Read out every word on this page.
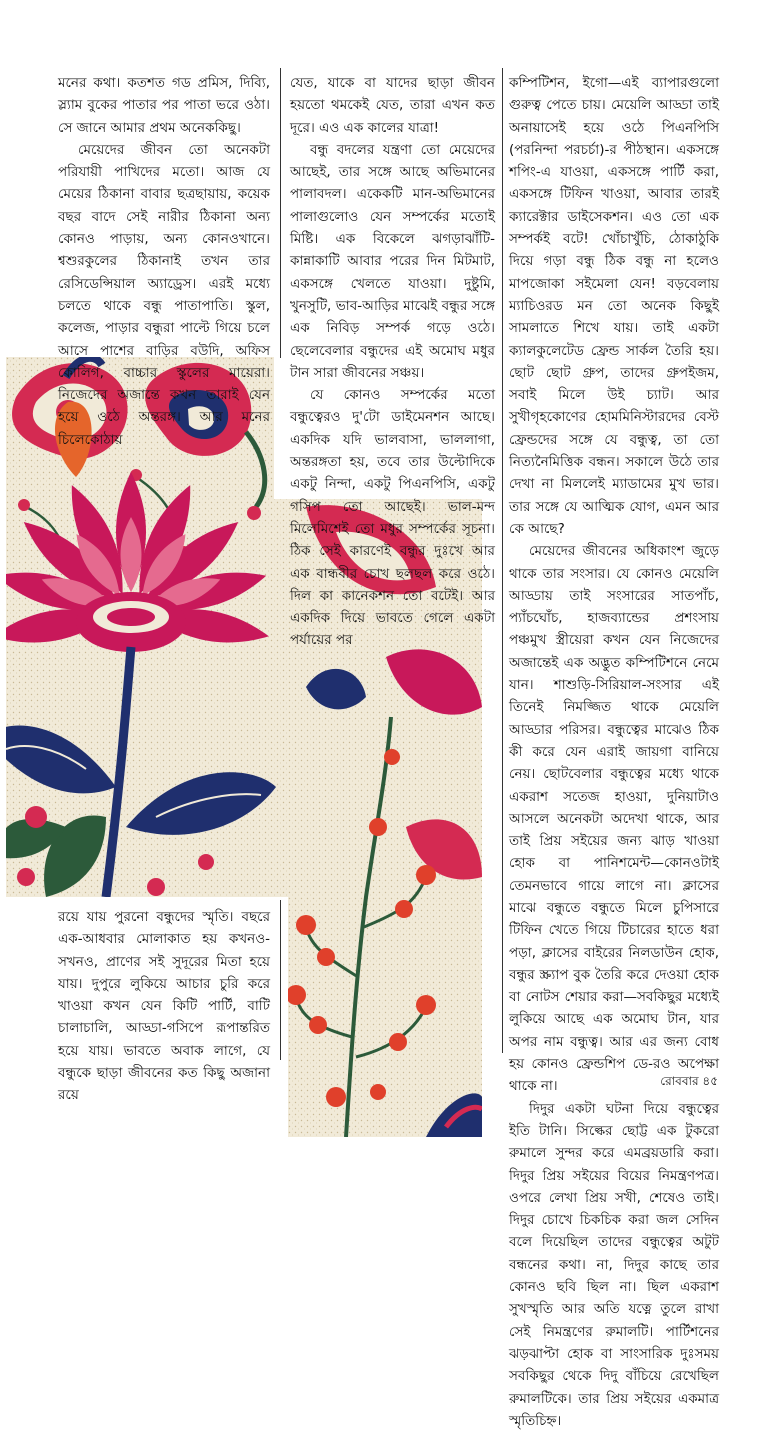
মনের কথা। কতশত গড প্রমিস, দিব্যি, স্ল্যাম বুকের পাতার পর পাতা ভরে ওঠা। সে জানে আমার প্রথম অনেককিছু।

মেয়েদের জীবন তো অনেকটা পরিযায়ী পাখিদের মতো। আজ যে মেয়ের ঠিকানা বাবার ছত্রছায়ায়, কয়েক বছর বাদে সেই নারীর ঠিকানা অন্য কোনও পাড়ায়, অন্য কোনওখানে। শ্বশুরকুলের ঠিকানাই তখন তার রেসিডেন্সিয়াল অ্যাড্রেস। এরই মধ্যে চলতে থাকে বন্ধু পাতাপাতি। স্কুল, কলেজ, পাড়ার বন্ধুরা পাল্টে গিয়ে চলে আসে পাশের বাড়ির বউদি, অফিস কোলিগ, বাচ্চার স্কুলের মায়েরা। নিজেদের অজান্তে কখন তারাই যেন হয়ে ওঠে অন্তরঙ্গ। আর মনের চিলেকোঠায়

যেত, যাকে বা যাদের ছাড়া জীবন হয়তো থমকেই যেত, তারা এখন কত দূরে। এও এক কালের যাত্রা!

বন্ধু বদলের যন্ত্রণা তো মেয়েদের আছেই, তার সঙ্গে আছে অভিমানের পালাবদল। একেকটি মান-অভিমানের পালাগুলোও যেন সম্পর্কের মতোই মিষ্টি। এক বিকেলে ঝগড়াঝাঁটি-কান্নাকাটি আবার পরের দিন মিটমাট, একসঙ্গে খেলতে যাওয়া। দুষ্টুমি, খুনসুটি, ভাব-আড়ির মাঝেই বন্ধুর সঙ্গে এক নিবিড় সম্পর্ক গড়ে ওঠে। ছেলেবেলার বন্ধুদের এই অমোঘ মধুর টান সারা জীবনের সঞ্চয়।

যে কোনও সম্পর্কের মতো বন্ধুত্বেরও দু'টো ডাইমেনশন আছে। একদিক যদি ভালবাসা, ভাললাগা, অন্তরঙ্গতা হয়, তবে তার উল্টোদিকে একটু নিন্দা, একটু পিএনপিসি, একটু গসিপ তো আছেই। ভাল-মন্দ মিলেমিশেই তো মধুর সম্পর্কের সূচনা। ঠিক সেই কারণেই বন্ধুর দুঃখে আর এক বান্ধবীর চোখ ছলছল করে ওঠে। দিল কা কানেকশন তো বটেই। আর একদিক দিয়ে ভাবতে গেলে একটা পর্যায়ের পর

কম্পিটিশন, ইগো—এই ব্যাপারগুলো গুরুত্ব পেতে চায়। মেয়েলি আড্ডা তাই অনায়াসেই হয়ে ওঠে পিএনপিসি (পরনিন্দা পরচর্চা)-র পীঠস্থান। একসঙ্গে শপিং-এ যাওয়া, একসঙ্গে পার্টি করা, একসঙ্গে টিফিন খাওয়া, আবার তারই ক্যারেক্টার ডাইসেকশন। এও তো এক সম্পর্কই বটে! খোঁচাখুঁচি, ঠোকাঠুকি দিয়ে গড়া বন্ধু ঠিক বন্ধু না হলেও মাপজোকা সইমেলা যেন! বড়বেলায় ম্যাচিওরড মন তো অনেক কিছুই সামলাতে শিখে যায়। তাই একটা ক্যালকুলেটেড ফ্রেন্ড সার্কল তৈরি হয়। ছোট ছোট গ্রুপ, তাদের গ্রুপইজম, সবাই মিলে উই চ্যাট। আর সুখীগৃহকোণের হোমমিনিস্টারদের বেস্ট ফ্রেন্ডদের সঙ্গে যে বন্ধুত্ব, তা তো নিত্যনৈমিত্তিক বন্ধন। সকালে উঠে তার দেখা না মিললেই ম্যাডামের মুখ ভার। তার সঙ্গে যে আত্মিক যোগ, এমন আর কে আছে?

মেয়েদের জীবনের অধিকাংশ জুড়ে থাকে তার সংসার। যে কোনও মেয়েলি আড্ডায় তাই সংসারের সাতপাঁচ, প্যাঁচঘোঁচ, হাজব্যান্ডের প্রশংসায় পঞ্চমুখ স্ত্রীয়েরা কখন যেন নিজেদের অজান্তেই এক অদ্ভুত কম্পিটিশনে নেমে যান। শাশুড়ি-সিরিয়াল-সংসার এই তিনেই নিমজ্জিত থাকে মেয়েলি আড্ডার পরিসর। বন্ধুত্বের মাঝেও ঠিক কী করে যেন এরাই জায়গা বানিয়ে নেয়। ছোটবেলার বন্ধুত্বের মধ্যে থাকে একরাশ সতেজ হাওয়া, দুনিয়াটাও আসলে অনেকটা অদেখা থাকে, আর তাই প্রিয় সইয়ের জন্য ঝাড় খাওয়া হোক বা পানিশমেন্ট—কোনওটাই তেমনভাবে গায়ে লাগে না। ক্লাসের মাঝে বন্ধুতে বন্ধুতে মিলে চুপিসারে টিফিন খেতে গিয়ে টিচারের হাতে ধরা পড়া, ক্লাসের বাইরের নিলডাউন হোক, বন্ধুর স্ক্র্যাপ বুক তৈরি করে দেওয়া হোক বা নোটস শেয়ার করা—সবকিছুর মধ্যেই লুকিয়ে আছে এক অমোঘ টান, যার অপর নাম বন্ধুত্ব। আর এর জন্য বোধ হয় কোনও ফ্রেন্ডশিপ ডে-রও অপেক্ষা থাকে না।

দিদুর একটা ঘটনা দিয়ে বন্ধুত্বের ইতি টানি। সিল্কের ছোট্ট এক টুকরো রুমালে সুন্দর করে এমব্রয়ডারি করা। দিদুর প্রিয় সইয়ের বিয়ের নিমন্ত্রণপত্র। ওপরে লেখা প্রিয় সখী, শেষেও তাই। দিদুর চোখে চিকচিক করা জল সেদিন বলে দিয়েছিল তাদের বন্ধুত্বের অটুট বন্ধনের কথা। না, দিদুর কাছে তার কোনও ছবি ছিল না। ছিল একরাশ সুখস্মৃতি আর অতি যত্নে তুলে রাখা সেই নিমন্ত্রণের রুমালটি। পার্টিশনের ঝড়ঝাপ্টা হোক বা সাংসারিক দুঃসময় সবকিছুর থেকে দিদু বাঁচিয়ে রেখেছিল রুমালটিকে। তার প্রিয় সইয়ের একমাত্র স্মৃতিচিহ্ন।

রয়ে যায় পুরনো বন্ধুদের স্মৃতি। বছরে এক-আধবার মোলাকাত হয় কখনও-সখনও, প্রাণের সই সুদূরের মিতা হয়ে যায়। দুপুরে লুকিয়ে আচার চুরি করে খাওয়া কখন যেন কিটি পার্টি, বাটি চালাচালি, আড্ডা-গসিপে রূপান্তরিত হয়ে যায়। ভাবতে অবাক লাগে, যে বন্ধুকে ছাড়া জীবনের কত কিছু অজানা রয়ে

রোববার ৪৫
